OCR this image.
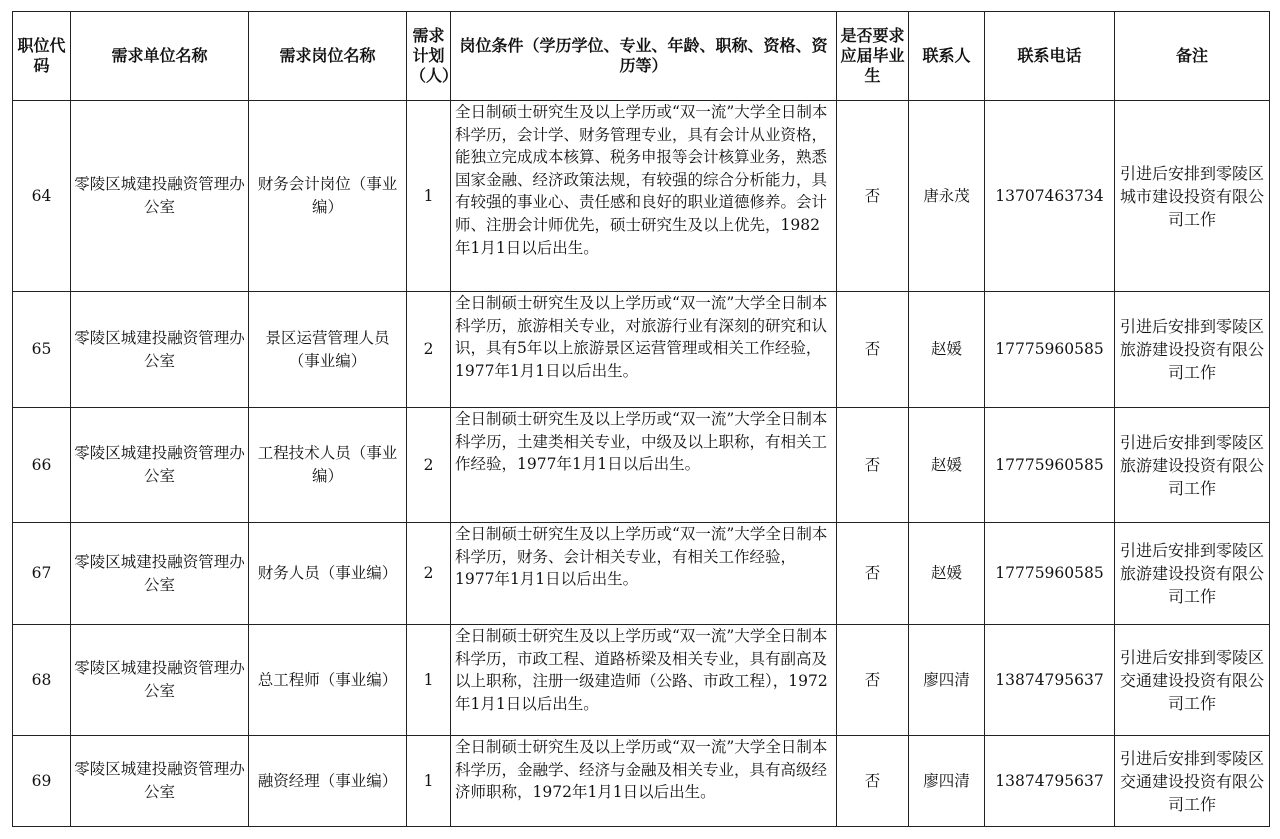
职位代码	需求单位名称	需求岗位名称	需求计划（人）	岗位条件（学历学位、专业、年龄、职称、资格、资历等）	是否要求应届毕业生	联系人	联系电话	备注
64	零陵区城建投融资管理办公室	财务会计岗位（事业编）	1	全日制硕士研究生及以上学历或“双一流”大学全日制本科学历，会计学、财务管理专业，具有会计从业资格，能独立完成成本核算、税务申报等会计核算业务，熟悉国家金融、经济政策法规，有较强的综合分析能力，具有较强的事业心、责任感和良好的职业道德修养。会计师、注册会计师优先，硕士研究生及以上优先，1982年1月1日以后出生。	否	唐永茂	13707463734	引进后安排到零陵区城市建设投资有限公司工作
65	零陵区城建投融资管理办公室	景区运营管理人员（事业编）	2	全日制硕士研究生及以上学历或“双一流”大学全日制本科学历，旅游相关专业，对旅游行业有深刻的研究和认识，具有5年以上旅游景区运营管理或相关工作经验，1977年1月1日以后出生。	否	赵媛	17775960585	引进后安排到零陵区旅游建设投资有限公司工作
66	零陵区城建投融资管理办公室	工程技术人员（事业编）	2	全日制硕士研究生及以上学历或“双一流”大学全日制本科学历，土建类相关专业，中级及以上职称，有相关工作经验，1977年1月1日以后出生。	否	赵媛	17775960585	引进后安排到零陵区旅游建设投资有限公司工作
67	零陵区城建投融资管理办公室	财务人员（事业编）	2	全日制硕士研究生及以上学历或“双一流”大学全日制本科学历，财务、会计相关专业，有相关工作经验，1977年1月1日以后出生。	否	赵媛	17775960585	引进后安排到零陵区旅游建设投资有限公司工作
68	零陵区城建投融资管理办公室	总工程师（事业编）	1	全日制硕士研究生及以上学历或“双一流”大学全日制本科学历，市政工程、道路桥梁及相关专业，具有副高及以上职称，注册一级建造师（公路、市政工程），1972年1月1日以后出生。	否	廖四清	13874795637	引进后安排到零陵区交通建设投资有限公司工作
69	零陵区城建投融资管理办公室	融资经理（事业编）	1	全日制硕士研究生及以上学历或“双一流”大学全日制本科学历，金融学、经济与金融及相关专业，具有高级经济师职称，1972年1月1日以后出生。	否	廖四清	13874795637	引进后安排到零陵区交通建设投资有限公司工作
